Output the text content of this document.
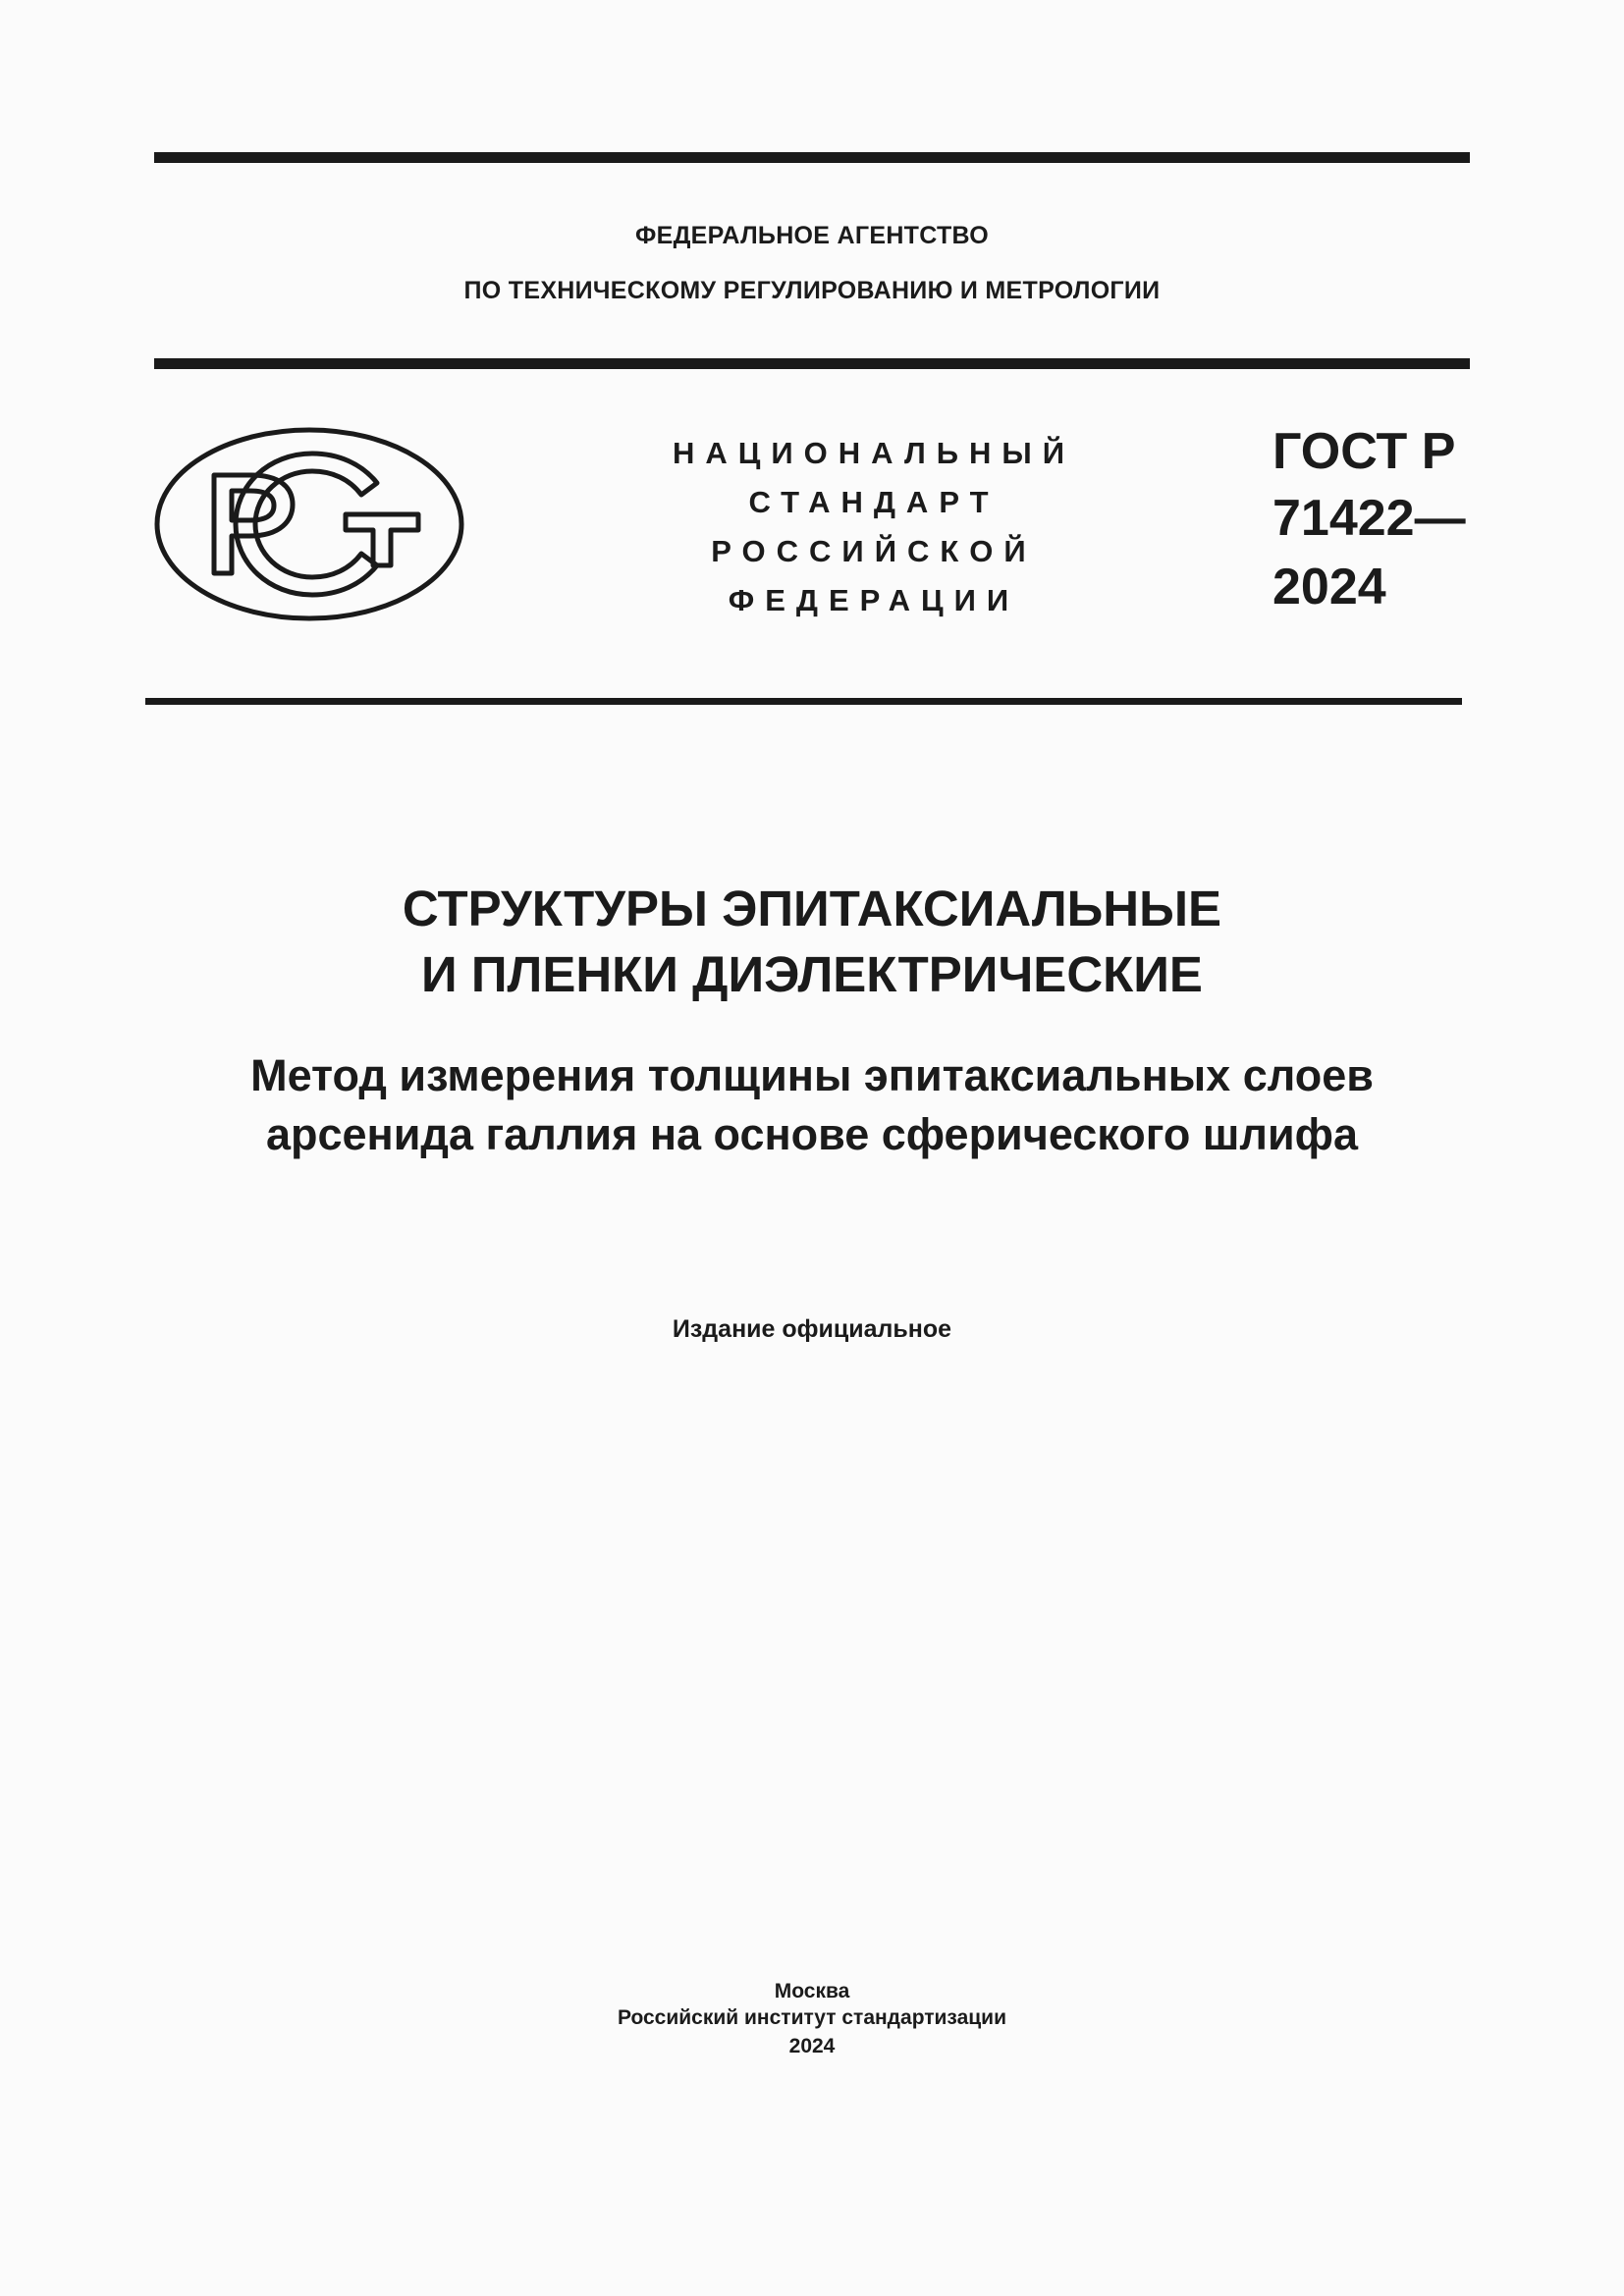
ФЕДЕРАЛЬНОЕ АГЕНТСТВО
ПО ТЕХНИЧЕСКОМУ РЕГУЛИРОВАНИЮ И МЕТРОЛОГИИ
НАЦИОНАЛЬНЫЙ
СТАНДАРТ
РОССИЙСКОЙ
ФЕДЕРАЦИИ
ГОСТ Р
71422—
2024
СТРУКТУРЫ ЭПИТАКСИАЛЬНЫЕ
И ПЛЕНКИ ДИЭЛЕКТРИЧЕСКИЕ
Метод измерения толщины эпитаксиальных слоев
арсенида галлия на основе сферического шлифа
Издание официальное
Москва
Российский институт стандартизации
2024
